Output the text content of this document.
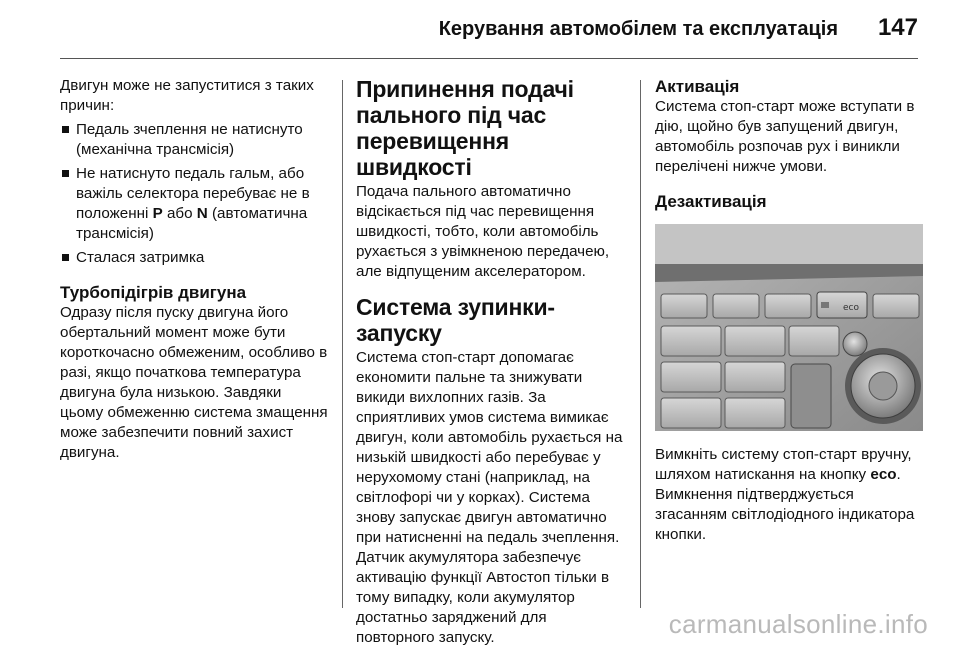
Керування автомобілем та експлуатація 147

Двигун може не запуститися з таких причин:

Педаль зчеплення не натиснуто (механічна трансмісія)
Не натиснуто педаль гальм, або важіль селектора перебуває не в положенні P або N (автоматична трансмісія)
Сталася затримка
Турбопідігрів двигуна

Одразу після пуску двигуна його обертальний момент може бути короткочасно обмеженим, особливо в разі, якщо початкова температура двигуна була низькою. Завдяки цьому обмеженню система змащення може забезпечити повний захист двигуна.

Припинення подачі пального під час перевищення швидкості

Подача пального автоматично відсікається під час перевищення швидкості, тобто, коли автомобіль рухається з увімкненою передачею, але відпущеним акселератором.

Система зупинки-запуску

Система стоп-старт допомагає економити пальне та знижувати викиди вихлопних газів. За сприятливих умов система вимикає двигун, коли автомобіль рухається на низькій швидкості або перебуває у нерухомому стані (наприклад, на світлофорі чи у корках). Система знову запускає двигун автоматично при натисненні на педаль зчеплення. Датчик акумулятора забезпечує активацію функції Автостоп тільки в тому випадку, коли акумулятор достатньо заряджений для повторного запуску.

Активація

Система стоп-старт може вступати в дію, щойно був запущений двигун, автомобіль розпочав рух і виникли перелічені нижче умови.

Дезактивація
eco

Вимкніть систему стоп-старт вручну, шляхом натискання на кнопку eco. Вимкнення підтверджується згасанням світлодіодного індикатора кнопки.

carmanualsonline.info
